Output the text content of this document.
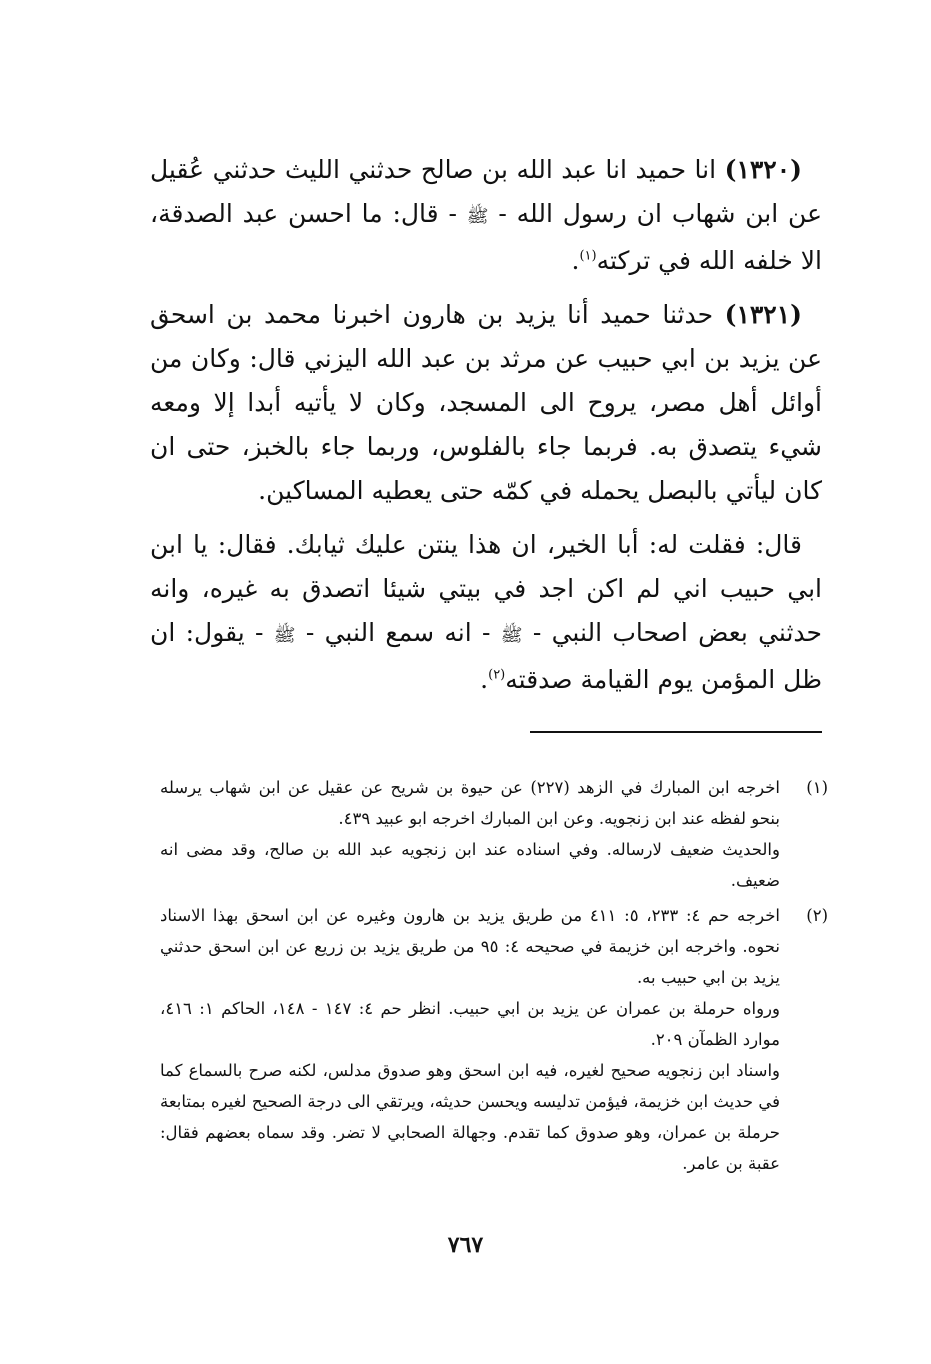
(١٣٢٠) انا حميد انا عبد الله بن صالح حدثني الليث حدثني عُقيل عن ابن شهاب ان رسول الله - ﷺ - قال: ما احسن عبد الصدقة، الا خلفه الله في تركته$^{(١)}$.

(١٣٢١) حدثنا حميد أنا يزيد بن هارون اخبرنا محمد بن اسحق عن يزيد بن ابي حبيب عن مرثد بن عبد الله اليزني قال: وكان من أوائل أهل مصر، يروح الى المسجد، وكان لا يأتيه أبدا إلا ومعه شيء يتصدق به. فربما جاء بالفلوس، وربما جاء بالخبز، حتى ان كان ليأتي بالبصل يحمله في كمّه حتى يعطيه المساكين.

قال: فقلت له: أبا الخير، ان هذا ينتن عليك ثيابك. فقال: يا ابن ابي حبيب اني لم اكن اجد في بيتي شيئا اتصدق به غيره، وانه حدثني بعض اصحاب النبي - ﷺ - انه سمع النبي - ﷺ - يقول: ان ظل المؤمن يوم القيامة صدقته$^{(٢)}$.

(١)

اخرجه ابن المبارك في الزهد (٢٢٧) عن حيوة بن شريح عن عقيل عن ابن شهاب يرسله بنحو لفظه عند ابن زنجويه. وعن ابن المبارك اخرجه ابو عبيد ٤٣٩.

والحديث ضعيف لارساله. وفي اسناده عند ابن زنجويه عبد الله بن صالح، وقد مضى انه ضعيف.

(٢)

اخرجه حم ٤: ٢٣٣، ٥: ٤١١ من طريق يزيد بن هارون وغيره عن ابن اسحق بهذا الاسناد نحوه. واخرجه ابن خزيمة في صحيحه ٤: ٩٥ من طريق يزيد بن زريع عن ابن اسحق حدثني يزيد بن ابي حبيب به.

ورواه حرملة بن عمران عن يزيد بن ابي حبيب. انظر حم ٤: ١٤٧ - ١٤٨، الحاكم ١: ٤١٦، موارد الظمآن ٢٠٩.

واسناد ابن زنجويه صحيح لغيره، فيه ابن اسحق وهو صدوق مدلس، لكنه صرح بالسماع كما في حديث ابن خزيمة، فيؤمن تدليسه ويحسن حديثه، ويرتقي الى درجة الصحيح لغيره بمتابعة حرملة بن عمران، وهو صدوق كما تقدم. وجهالة الصحابي لا تضر. وقد سماه بعضهم فقال: عقبة بن عامر.

٧٦٧
